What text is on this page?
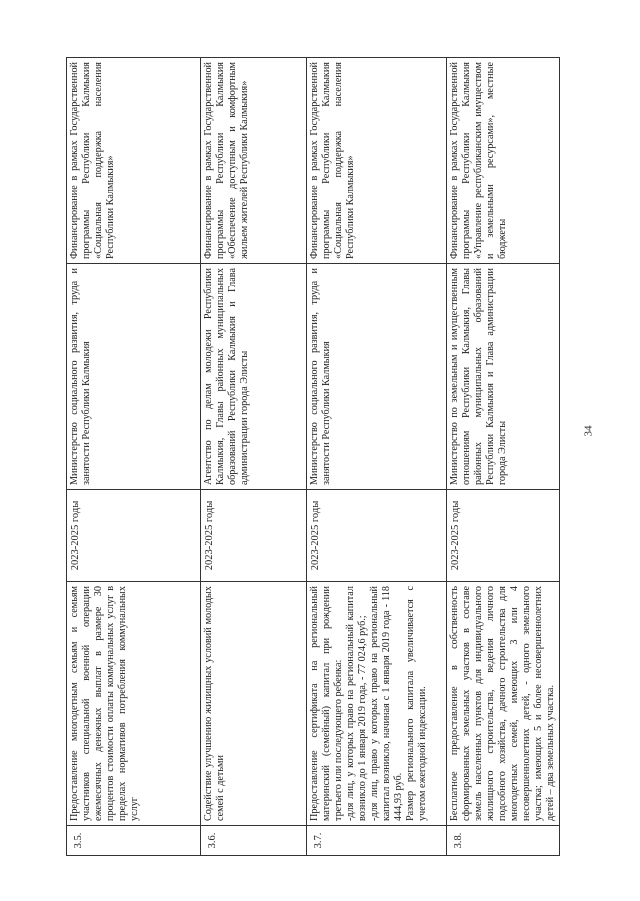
3.5.	Предоставление многодетным семьям и семьям участников специальной военной операции ежемесячных денежных выплат в размере 30 процентов стоимости оплаты коммунальных услуг в пределах нормативов потребления коммунальных услуг	2023-2025 годы	Министерство социального развития, труда и занятости Республики Калмыкия	Финансирование в рамках Государственной программы Республики Калмыкия «Социальная поддержка населения Республики Калмыкия»
3.6.	Содействие улучшению жилищных условий молодых семей с детьми	2023-2025 годы	Агентство по делам молодежи Республики Калмыкия, Главы районных муниципальных образований Республики Калмыкия и Глава администрации города Элисты	Финансирование в рамках Государственной программы Республики Калмыкия «Обеспечение доступным и комфортным жильем жителей Республики Калмыкия»
3.7.	Предоставление сертификата на региональный материнский (семейный) капитал при рождении третьего или последующего ребенка: -для лиц, у которых право на региональный капитал возникло до 1 января 2019 года, - 77 024,6 руб.; -для лиц, право у которых право на региональный капитал возникло, начиная с 1 января 2019 года - 118 444,93 руб. Размер регионального капитала увеличивается с учетом ежегодной индексации.	2023-2025 годы	Министерство социального развития, труда и занятости Республики Калмыкия	Финансирование в рамках Государственной программы Республики Калмыкия «Социальная поддержка населения Республики Калмыкия»
3.8.	Бесплатное предоставление в собственность сформированных земельных участков в составе земель населенных пунктов для индивидуального жилищного строительства, ведения личного подсобного хозяйства, дачного строительства для многодетных семей, имеющих 3 или 4 несовершеннолетних детей, - одного земельного участка; имеющих 5 и более несовершеннолетних детей – два земельных участка.	2023-2025 годы	Министерство по земельным и имущественным отношениям Республики Калмыкия, Главы районных муниципальных образований Республики Калмыкия и Глава администрации города Элисты	Финансирование в рамках Государственной программы Республики Калмыкия «Управление республиканским имуществом и земельными ресурсами», местные бюджеты
34
